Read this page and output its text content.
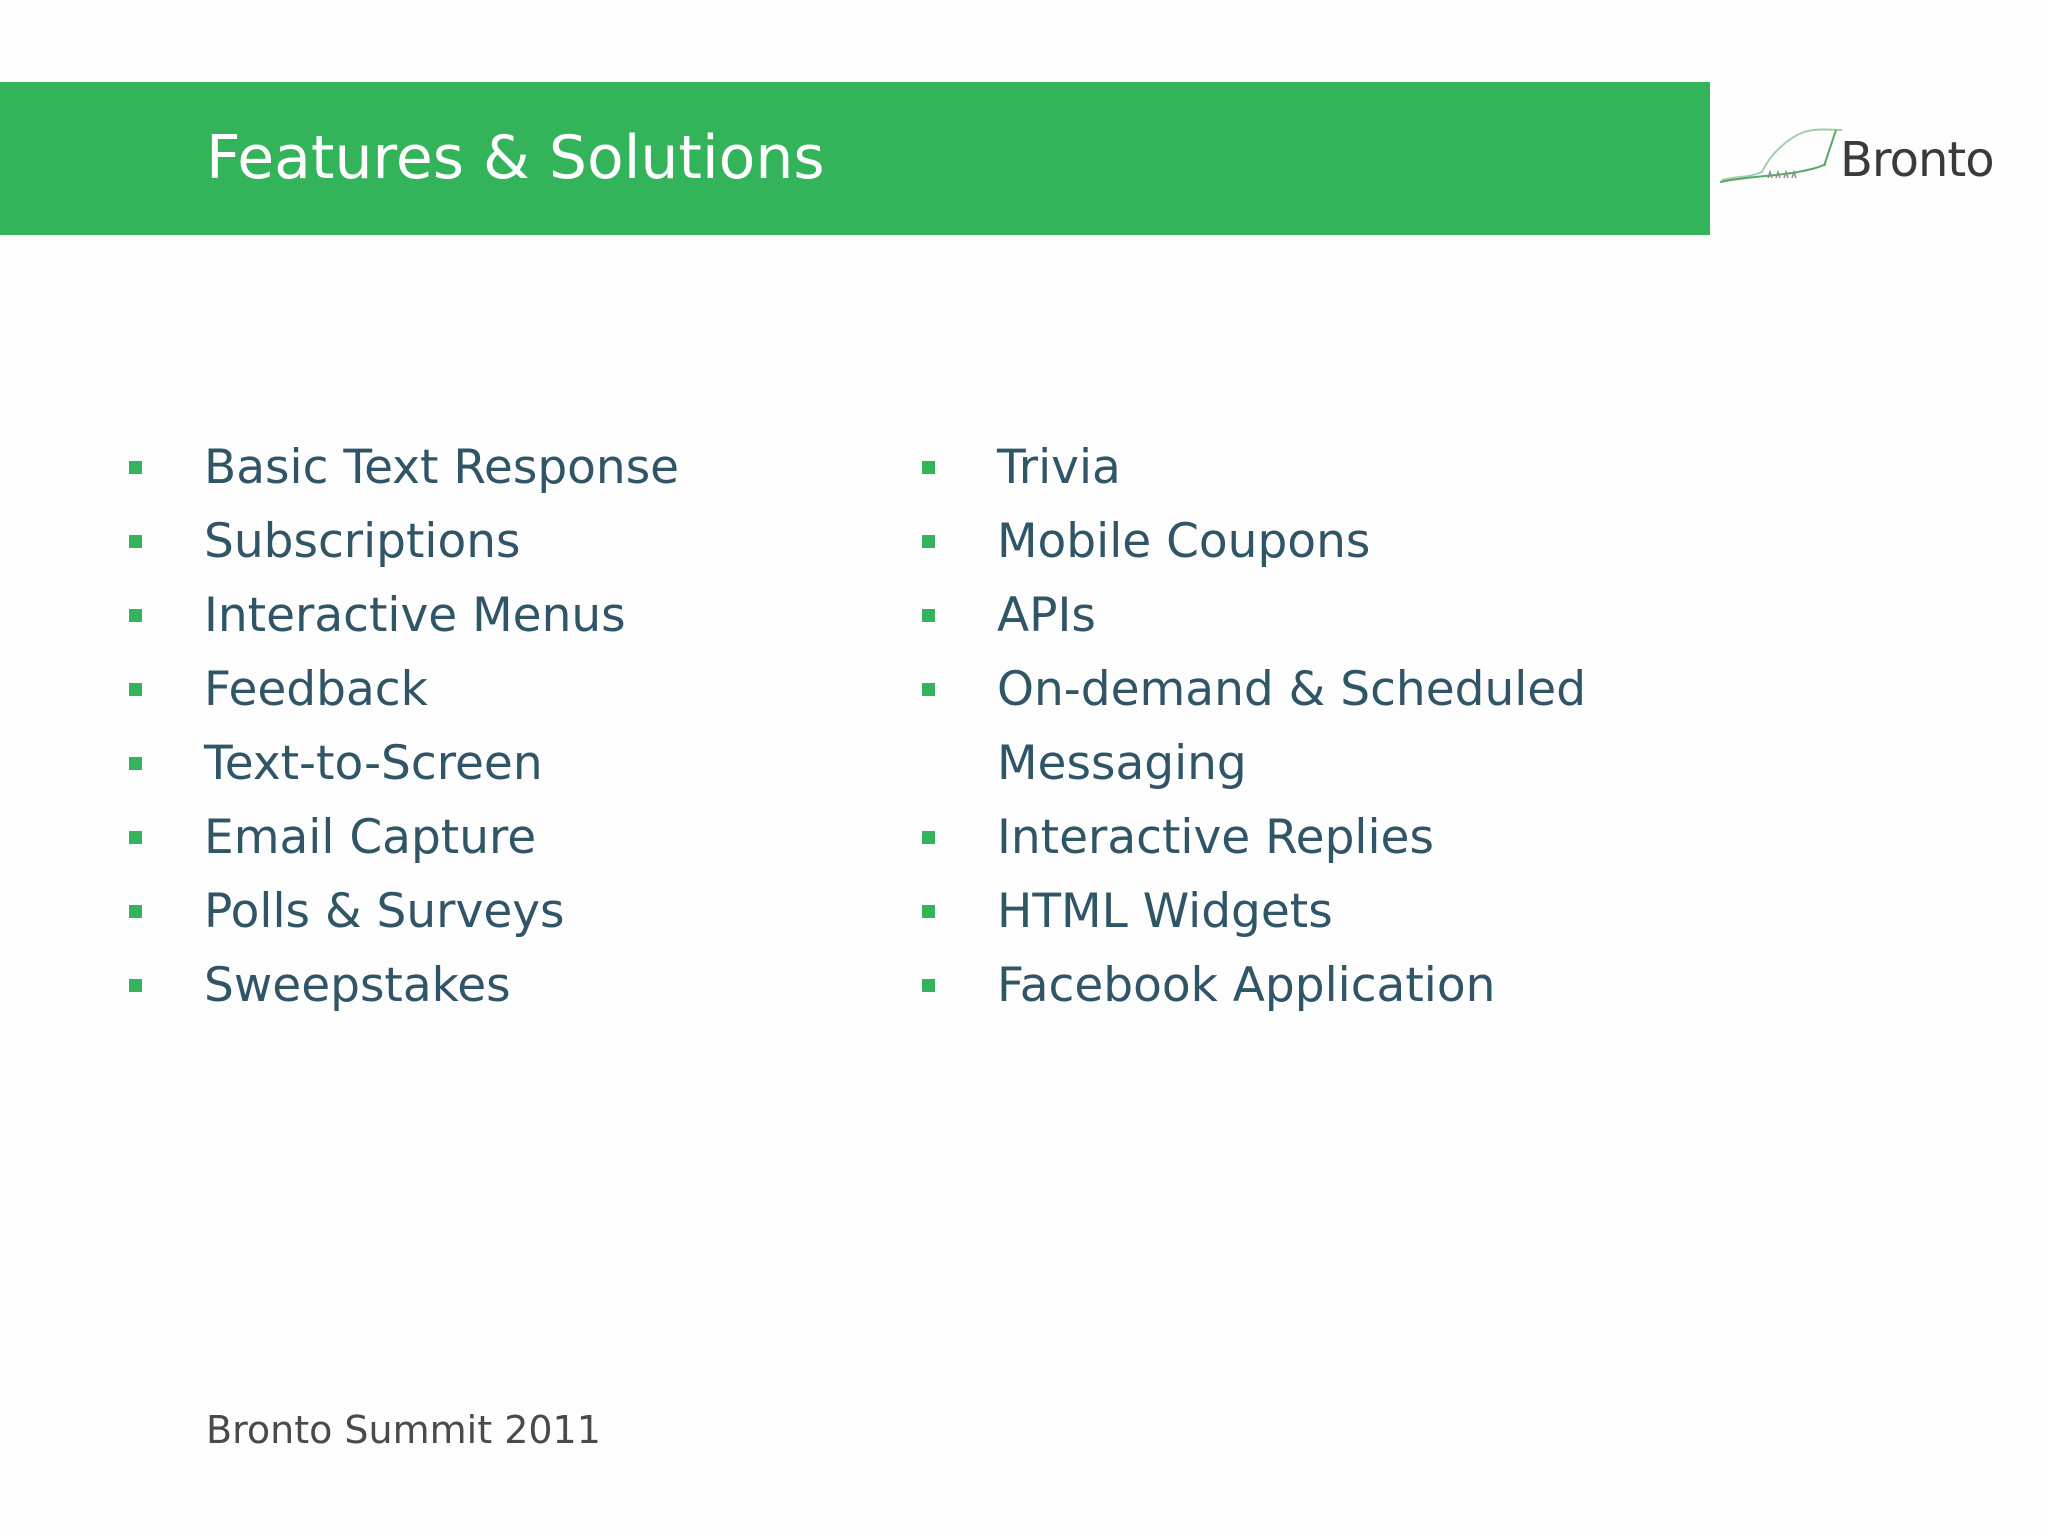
Features & Solutions	Bronto
Basic Text Response
Subscriptions
Interactive Menus
Feedback
Text-to-Screen
Email Capture
Polls & Surveys
Sweepstakes
Trivia
Mobile Coupons
APIs
On-demand & Scheduled Messaging
Interactive Replies
HTML Widgets
Facebook Application
Bronto Summit 2011
